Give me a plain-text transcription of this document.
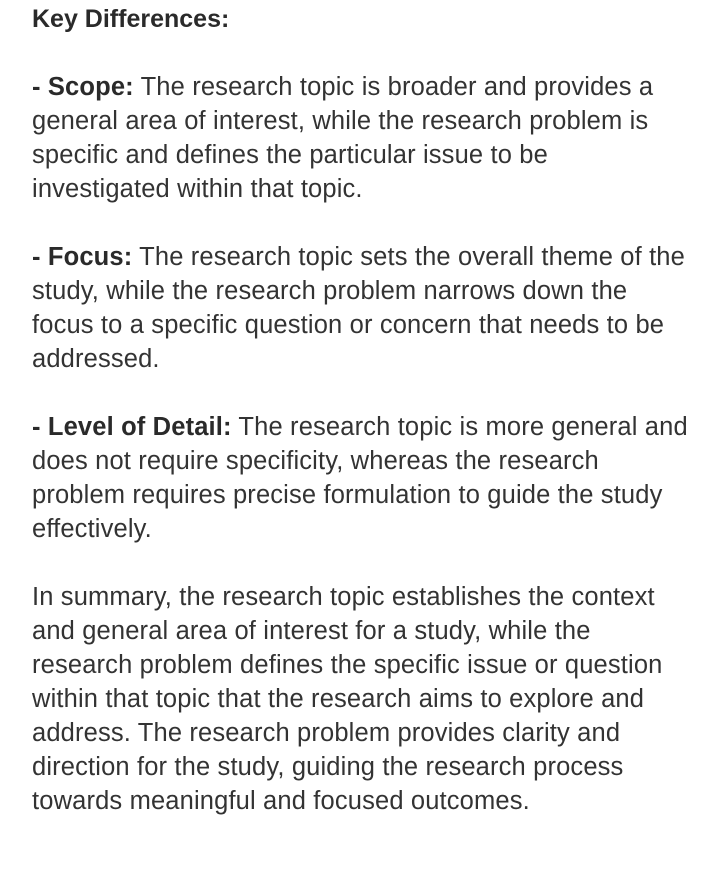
Key Differences:

- Scope: The research topic is broader and provides a general area of interest, while the research problem is specific and defines the particular issue to be investigated within that topic.

- Focus: The research topic sets the overall theme of the study, while the research problem narrows down the focus to a specific question or concern that needs to be addressed.

- Level of Detail: The research topic is more general and does not require specificity, whereas the research problem requires precise formulation to guide the study effectively.

In summary, the research topic establishes the context and general area of interest for a study, while the research problem defines the specific issue or question within that topic that the research aims to explore and address. The research problem provides clarity and direction for the study, guiding the research process towards meaningful and focused outcomes.
